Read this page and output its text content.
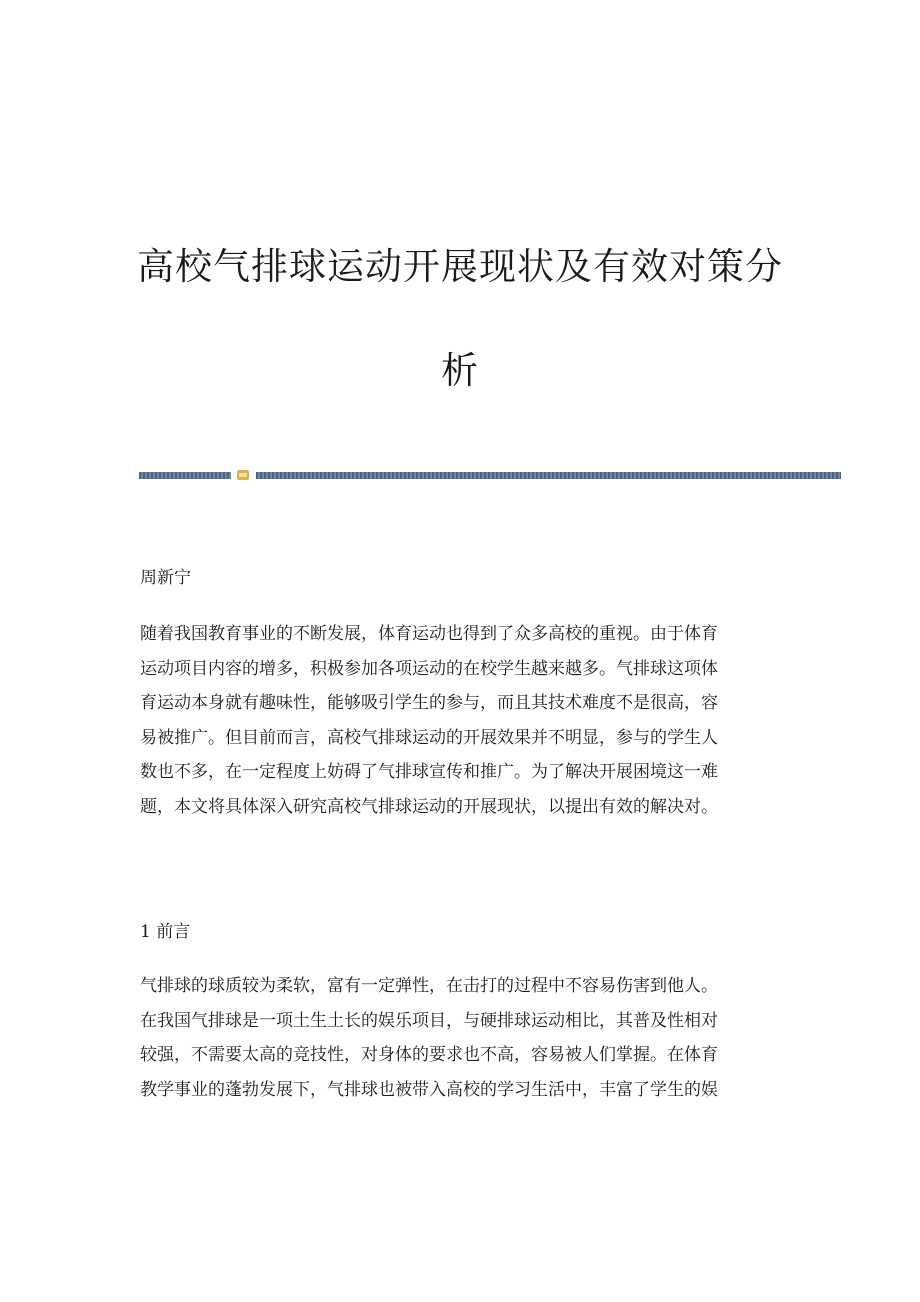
高校气排球运动开展现状及有效对策分
析
周新宁

随着我国教育事业的不断发展，体育运动也得到了众多高校的重视。由于体育
运动项目内容的增多，积极参加各项运动的在校学生越来越多。气排球这项体
育运动本身就有趣味性，能够吸引学生的参与，而且其技术难度不是很高，容
易被推广。但目前而言，高校气排球运动的开展效果并不明显，参与的学生人
数也不多，在一定程度上妨碍了气排球宣传和推广。为了解决开展困境这一难
题，本文将具体深入研究高校气排球运动的开展现状，以提出有效的解决对。

1 前言

气排球的球质较为柔软，富有一定弹性，在击打的过程中不容易伤害到他人。
在我国气排球是一项土生土长的娱乐项目，与硬排球运动相比，其普及性相对
较强，不需要太高的竞技性，对身体的要求也不高，容易被人们掌握。在体育
教学事业的蓬勃发展下，气排球也被带入高校的学习生活中，丰富了学生的娱
